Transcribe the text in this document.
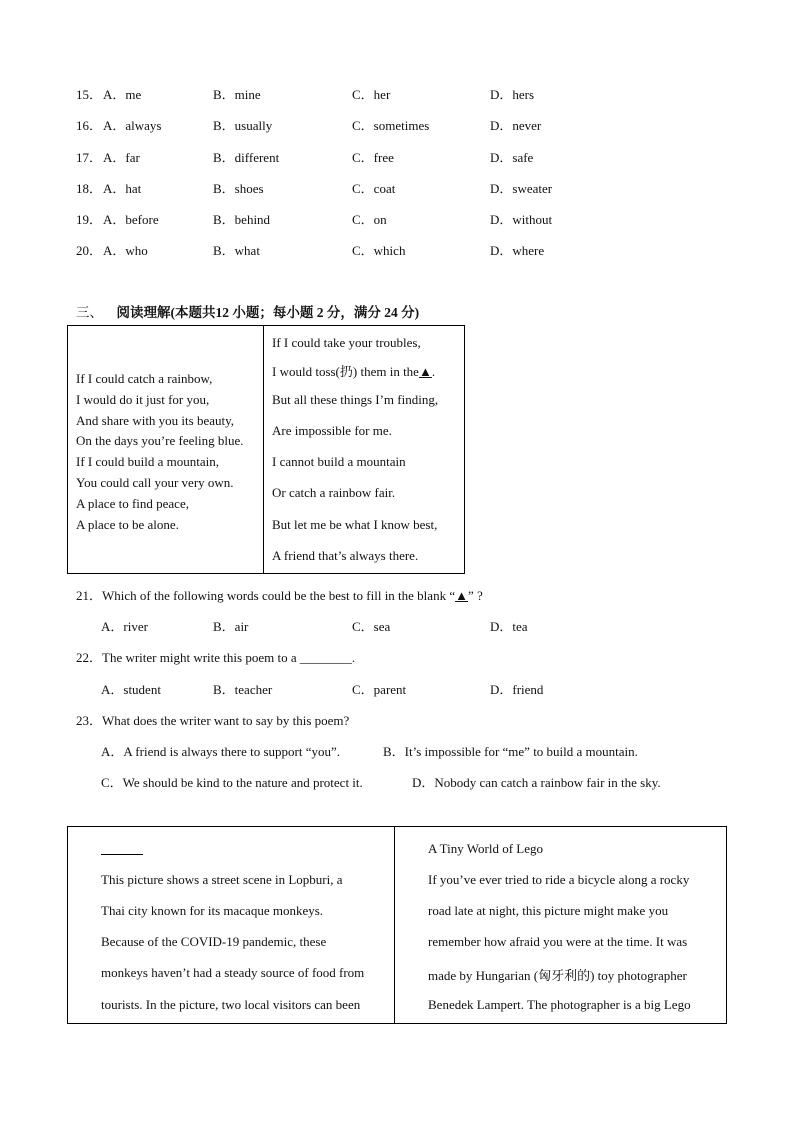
15． A．me	B．mine	C．her	D．hers
16． A．always	B．usually	C．sometimes	D．never
17． A．far	B．different	C．free	D．safe
18． A．hat	B．shoes	C．coat	D．sweater
19． A．before	B．behind	C．on	D．without
20． A．who	B．what	C．which	D．where
三、 阅读理解(本题共12 小题；每小题 2 分，满分 24 分)
If I could catch a rainbow,
I would do it just for you,
And share with you its beauty,
On the days you’re feeling blue.
If I could build a mountain,
You could call your very own.
A place to find peace,
A place to be alone.
If I could take your troubles,
I would toss(扔) them in the▲.
But all these things I’m finding,
Are impossible for me.
I cannot build a mountain
Or catch a rainbow fair.
But let me be what I know best,
A friend that’s always there.
21．Which of the following words could be the best to fill in the blank “▲” ?
A．river	B．air	C．sea	D．tea
22．The writer might write this poem to a ________.
A．student	B．teacher	C．parent	D．friend
23．What does the writer want to say by this poem?
A．A friend is always there to support “you”.	B．It’s impossible for “me” to build a mountain.
C．We should be kind to the nature and protect it.	D．Nobody can catch a rainbow fair in the sky.
This picture shows a street scene in Lopburi, a
Thai city known for its macaque monkeys.
Because of the COVID-19 pandemic, these
monkeys haven’t had a steady source of food from
tourists. In the picture, two local visitors can been
A Tiny World of Lego
If you’ve ever tried to ride a bicycle along a rocky
road late at night, this picture might make you
remember how afraid you were at the time. It was
made by Hungarian (匈牙利的) toy photographer
Benedek Lampert. The photographer is a big Lego
